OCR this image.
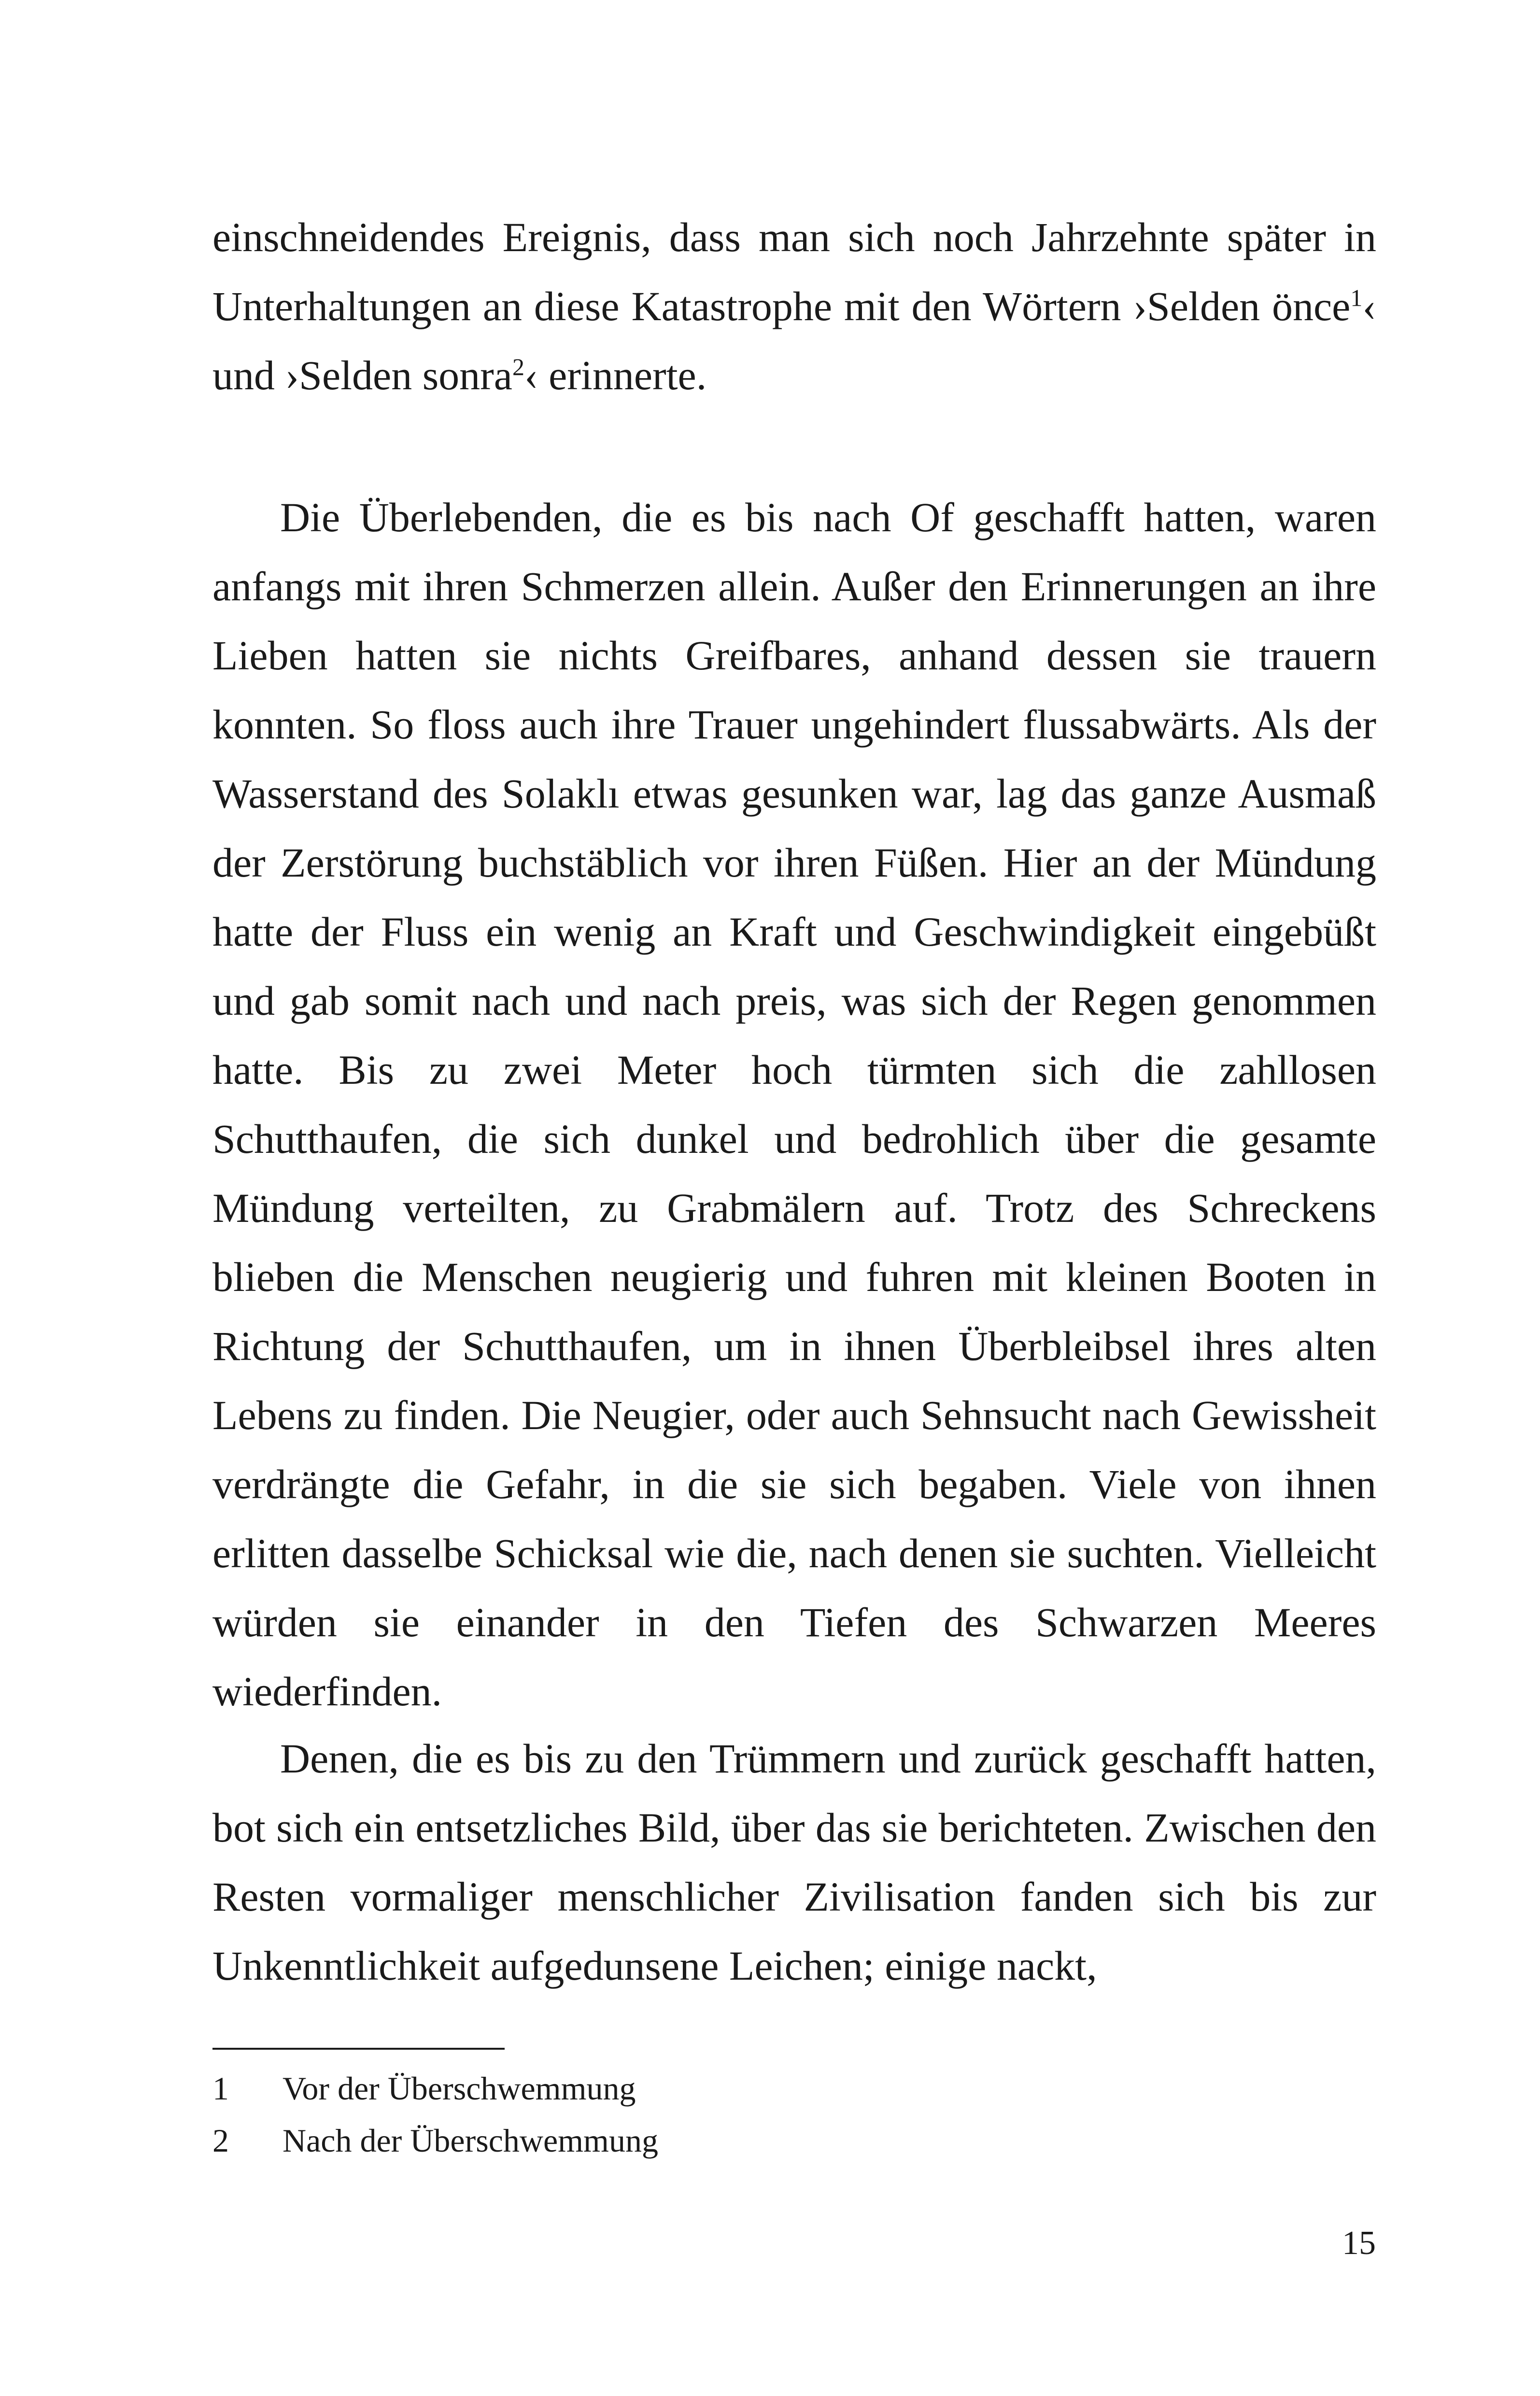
einschneidendes Ereignis, dass man sich noch Jahrzehnte später in Unterhaltungen an diese Katastrophe mit den Wörtern ›Selden önce$^1$‹ und ›Selden sonra$^2$‹ erinnerte.

Die Überlebenden, die es bis nach Of geschafft hatten, waren anfangs mit ihren Schmerzen allein. Außer den Erinnerungen an ihre Lieben hatten sie nichts Greifbares, anhand dessen sie trauern konnten. So floss auch ihre Trauer ungehindert flussabwärts. Als der Wasserstand des Solaklı etwas gesunken war, lag das ganze Ausmaß der Zerstörung buchstäblich vor ihren Füßen. Hier an der Mündung hatte der Fluss ein wenig an Kraft und Geschwindigkeit eingebüßt und gab somit nach und nach preis, was sich der Regen genommen hatte. Bis zu zwei Meter hoch türmten sich die zahllosen Schutthaufen, die sich dunkel und bedrohlich über die gesamte Mündung verteilten, zu Grabmälern auf. Trotz des Schreckens blieben die Menschen neugierig und fuhren mit kleinen Booten in Richtung der Schutthaufen, um in ihnen Überbleibsel ihres alten Lebens zu finden. Die Neugier, oder auch Sehnsucht nach Gewissheit verdrängte die Gefahr, in die sie sich begaben. Viele von ihnen erlitten dasselbe Schicksal wie die, nach denen sie suchten. Vielleicht würden sie einander in den Tiefen des Schwarzen Meeres wiederfinden.

Denen, die es bis zu den Trümmern und zurück geschafft hatten, bot sich ein entsetzliches Bild, über das sie berichteten. Zwischen den Resten vormaliger menschlicher Zivilisation fanden sich bis zur Unkenntlichkeit aufgedunsene Leichen; einige nackt,

1	Vor der Überschwemmung
2	Nach der Überschwemmung
15
